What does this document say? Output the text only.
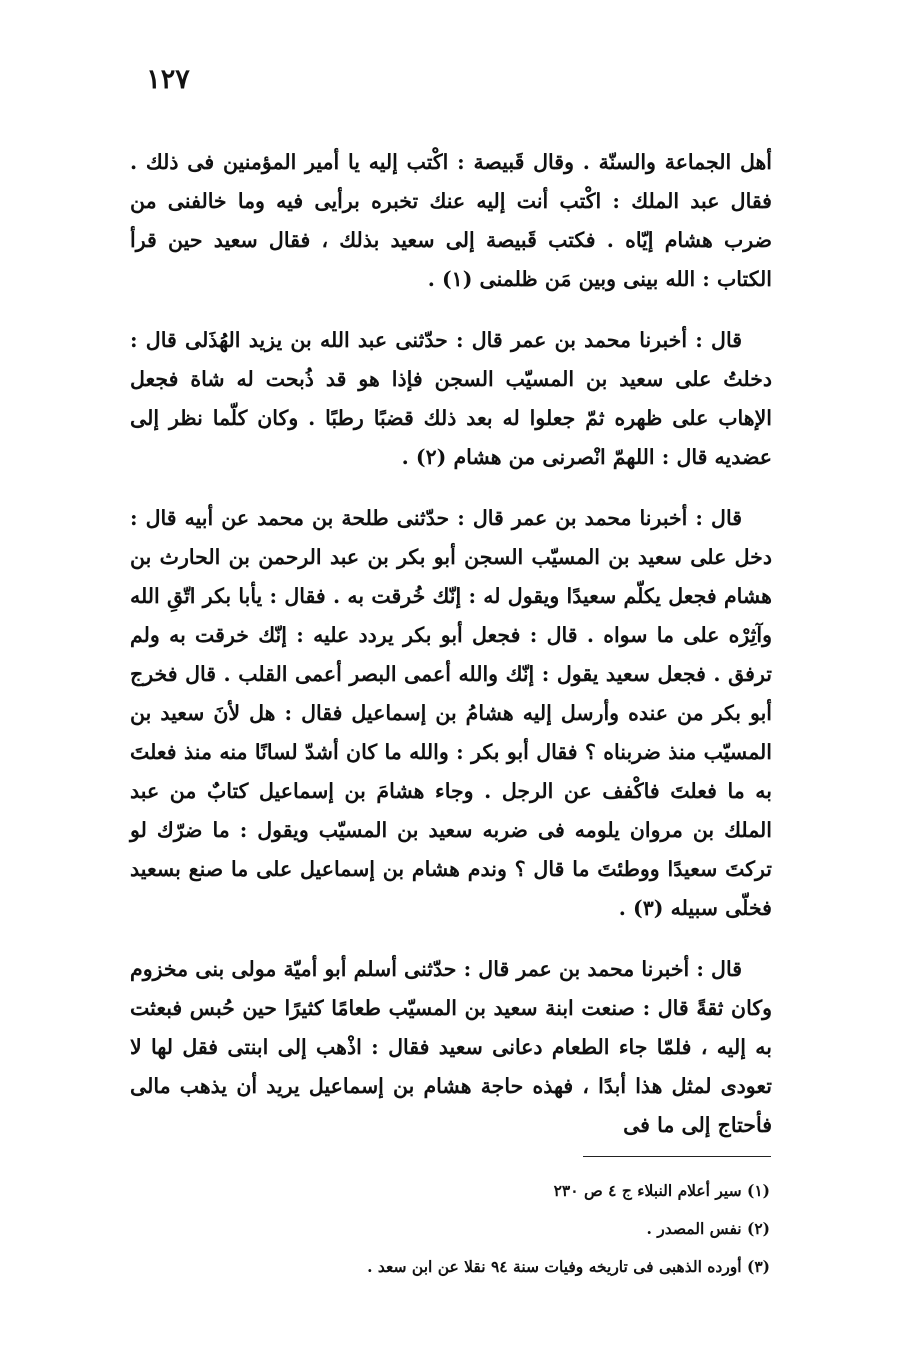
١٢٧

أهل الجماعة والسنّة . وقال قَبيصة : اكْتب إليه يا أمير المؤمنين فى ذلك . فقال عبد الملك : اكْتب أنت إليه عنك تخبره برأيى فيه وما خالفنى من ضرب هشام إيّاه . فكتب قَبيصة إلى سعيد بذلك ، فقال سعيد حين قرأ الكتاب : الله بينى وبين مَن ظلمنى (١) .

قال : أخبرنا محمد بن عمر قال : حدّثنى عبد الله بن يزيد الهُذَلى قال : دخلتُ على سعيد بن المسيّب السجن فإذا هو قد ذُبحت له شاة فجعل الإهاب على ظهره ثمّ جعلوا له بعد ذلك قضبًا رطبًا . وكان كلّما نظر إلى عضديه قال : اللهمّ انْصرنى من هشام (٢) .

قال : أخبرنا محمد بن عمر قال : حدّثنى طلحة بن محمد عن أبيه قال : دخل على سعيد بن المسيّب السجن أبو بكر بن عبد الرحمن بن الحارث بن هشام فجعل يكلّم سعيدًا ويقول له : إنّك خُرقت به . فقال : يأبا بكر اتّقِ الله وآثِرْه على ما سواه . قال : فجعل أبو بكر يردد عليه : إنّك خرقت به ولم ترفق . فجعل سعيد يقول : إنّك والله أعمى البصر أعمى القلب . قال فخرج أبو بكر من عنده وأرسل إليه هشامُ بن إسماعيل فقال : هل لأنَ سعيد بن المسيّب منذ ضربناه ؟ فقال أبو بكر : والله ما كان أشدّ لسانًا منه منذ فعلتَ به ما فعلتَ فاكْفف عن الرجل . وجاء هشامَ بن إسماعيل كتابٌ من عبد الملك بن مروان يلومه فى ضربه سعيد بن المسيّب ويقول : ما ضرّك لو تركتَ سعيدًا ووطئتَ ما قال ؟ وندم هشام بن إسماعيل على ما صنع بسعيد فخلّى سبيله (٣) .

قال : أخبرنا محمد بن عمر قال : حدّثنى أسلم أبو أميّة مولى بنى مخزوم وكان ثقةً قال : صنعت ابنة سعيد بن المسيّب طعامًا كثيرًا حين حُبس فبعثت به إليه ، فلمّا جاء الطعام دعانى سعيد فقال : اذْهب إلى ابنتى فقل لها لا تعودى لمثل هذا أبدًا ، فهذه حاجة هشام بن إسماعيل يريد أن يذهب مالى فأحتاج إلى ما فى

(١) سير أعلام النبلاء ج ٤ ص ٢٣٠

(٢) نفس المصدر .

(٣) أورده الذهبى فى تاريخه وفيات سنة ٩٤ نقلا عن ابن سعد .
